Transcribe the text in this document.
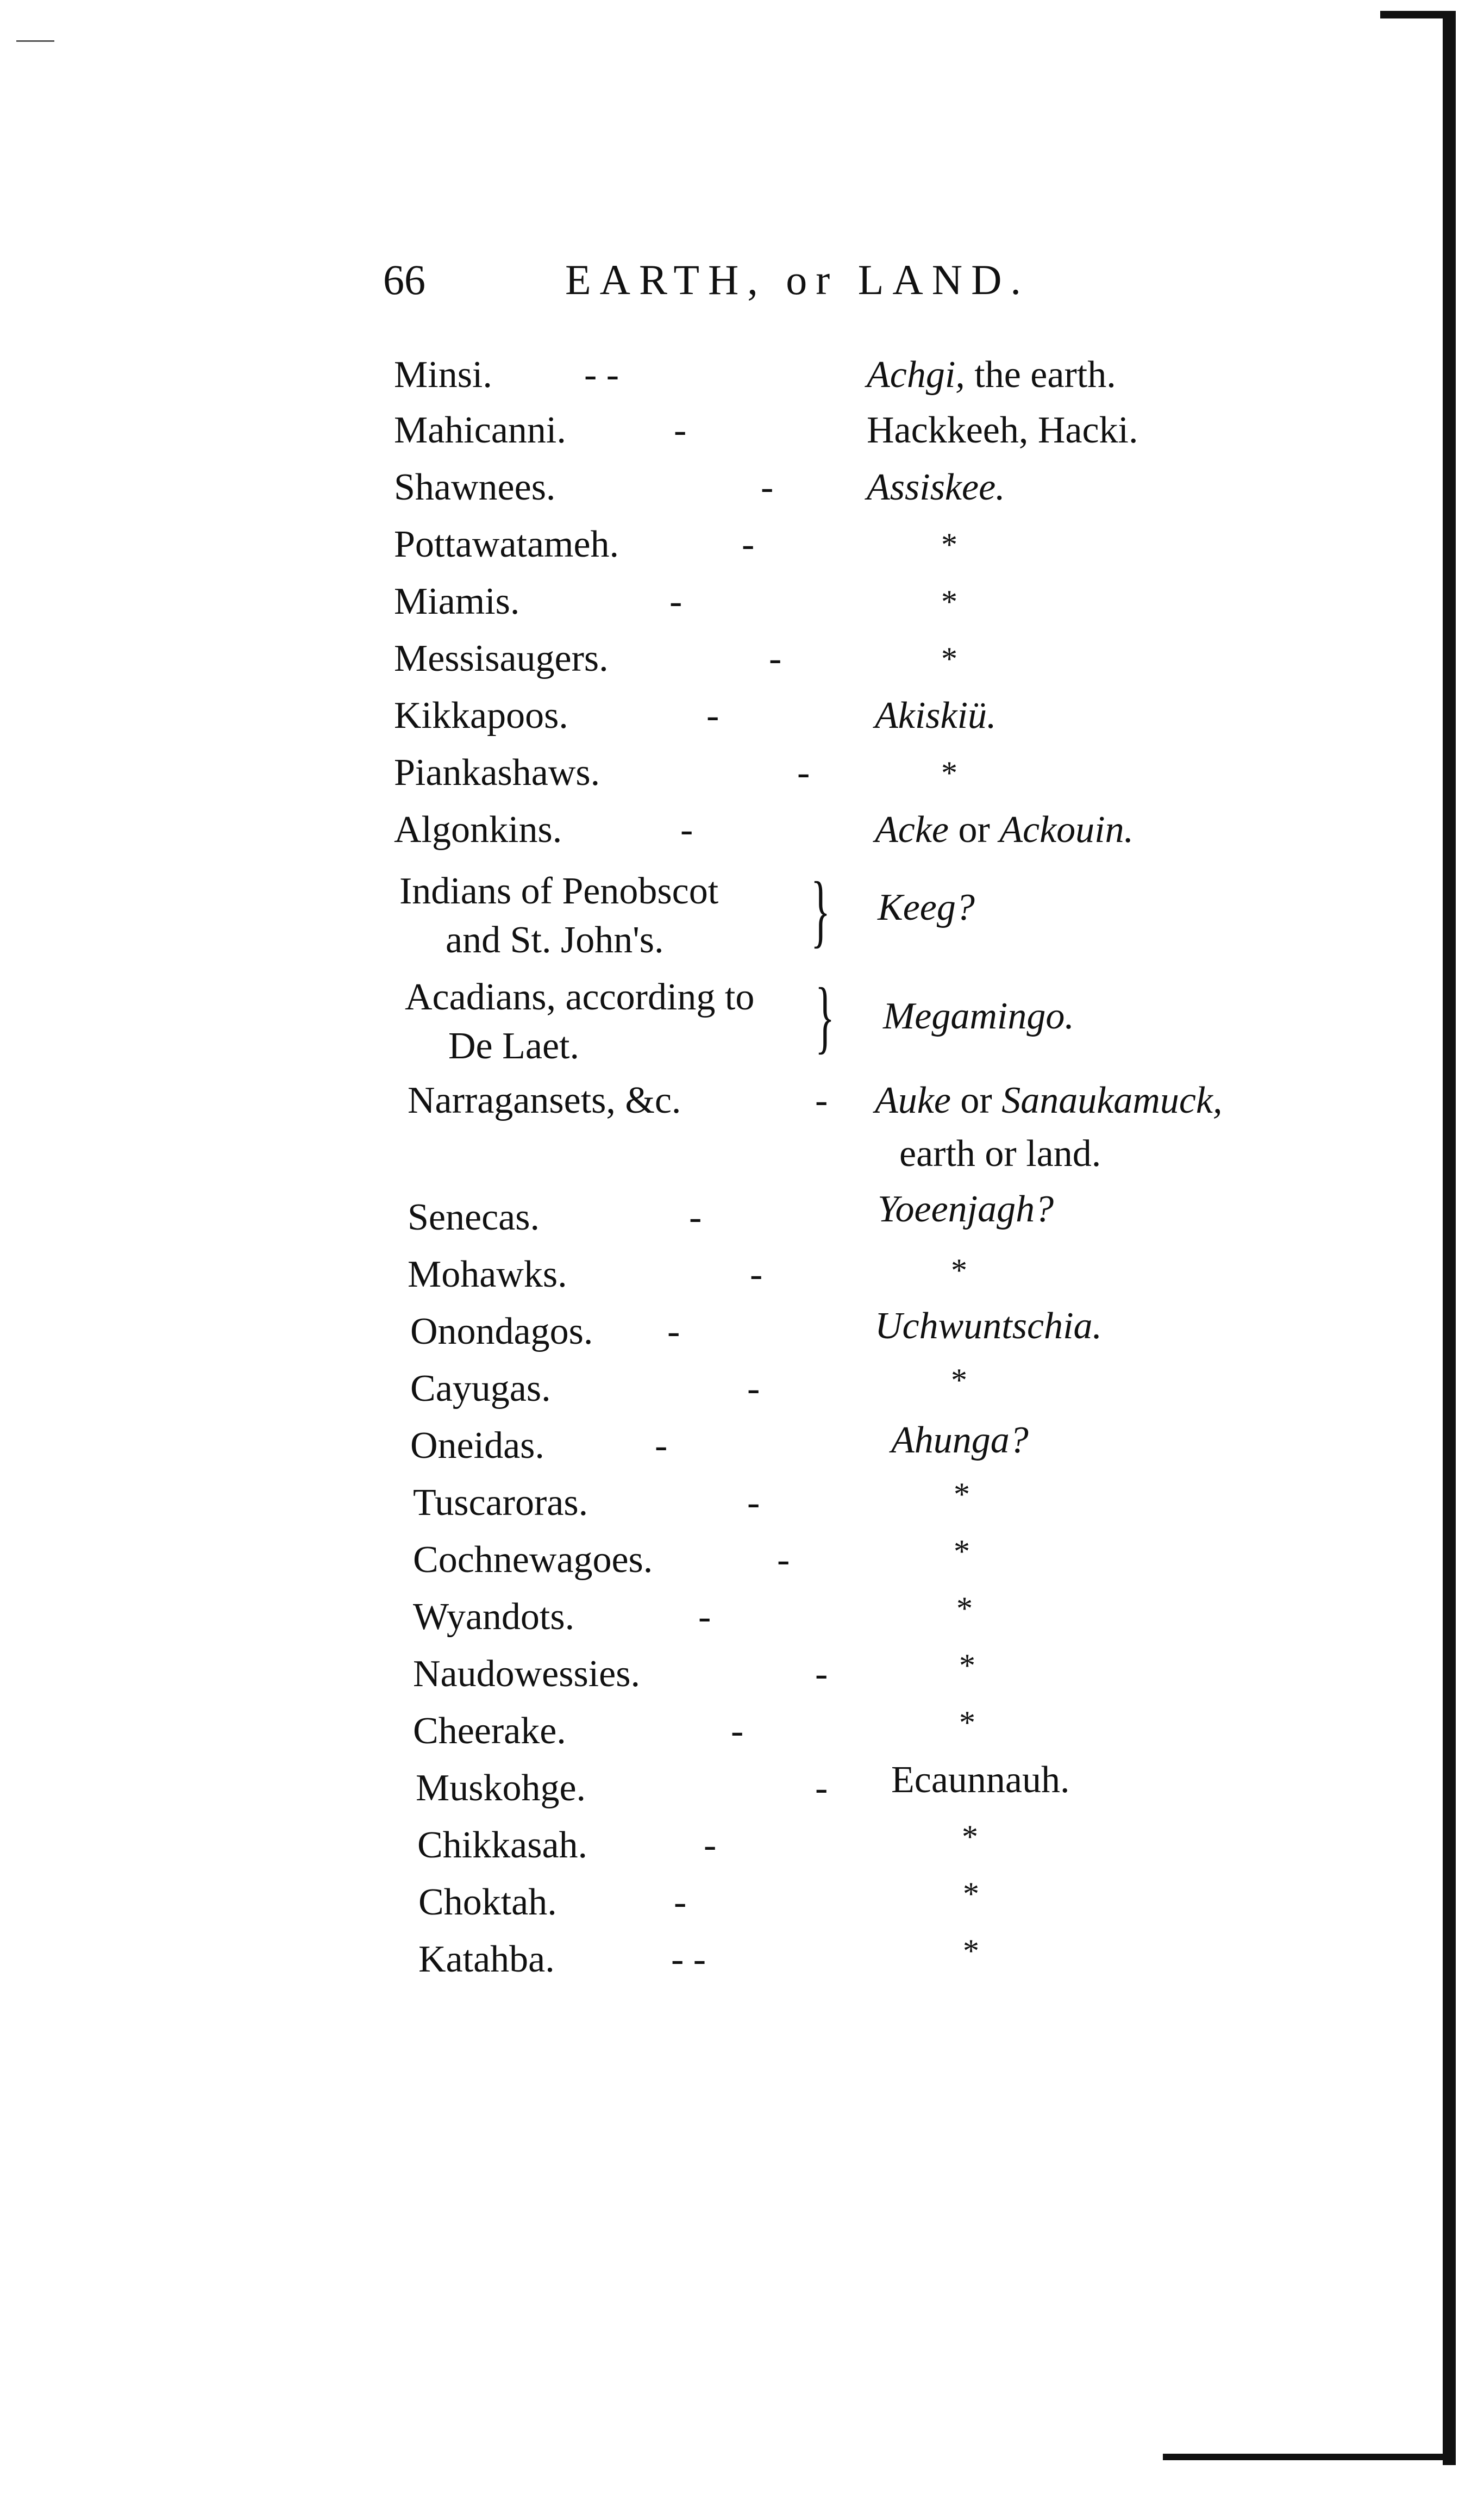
66	EARTH, or LAND.
Minsi. - -	Achgi, the earth.
Mahicanni.	-	Hackkeeh, Hacki.
Shawnees.	- Assiskee.
Pottawatameh.	-	*
Miamis.	-	*
Messisaugers.	-	*
Kikkapoos.	-	Akiskiü.
Piankashaws.	-	*
Algonkins.	-	Acke or Ackouin.
Indians of Penobscot
and St. John's. } Keeg?
Acadians, according to
De Laet.	} Megamingo.
Narragansets, &c.	- Auke or Sanaukamuck,
earth or land.
Senecas.	-	Yoeenjagh?
Mohawks.	-	*
Onondagos. -	Uchwuntschia.
Cayugas.	-	*
Oneidas.	-	Ahunga?
Tuscaroras.	-	*
Cochnewagoes.	-	*
Wyandots.	-	*
Naudowessies.	-	*
Cheerake.	-	*
Muskohge.	- Ecaunnauh.
Chikkasah.	-	*
Choktah.	-	*
Katahba.	- -	*
